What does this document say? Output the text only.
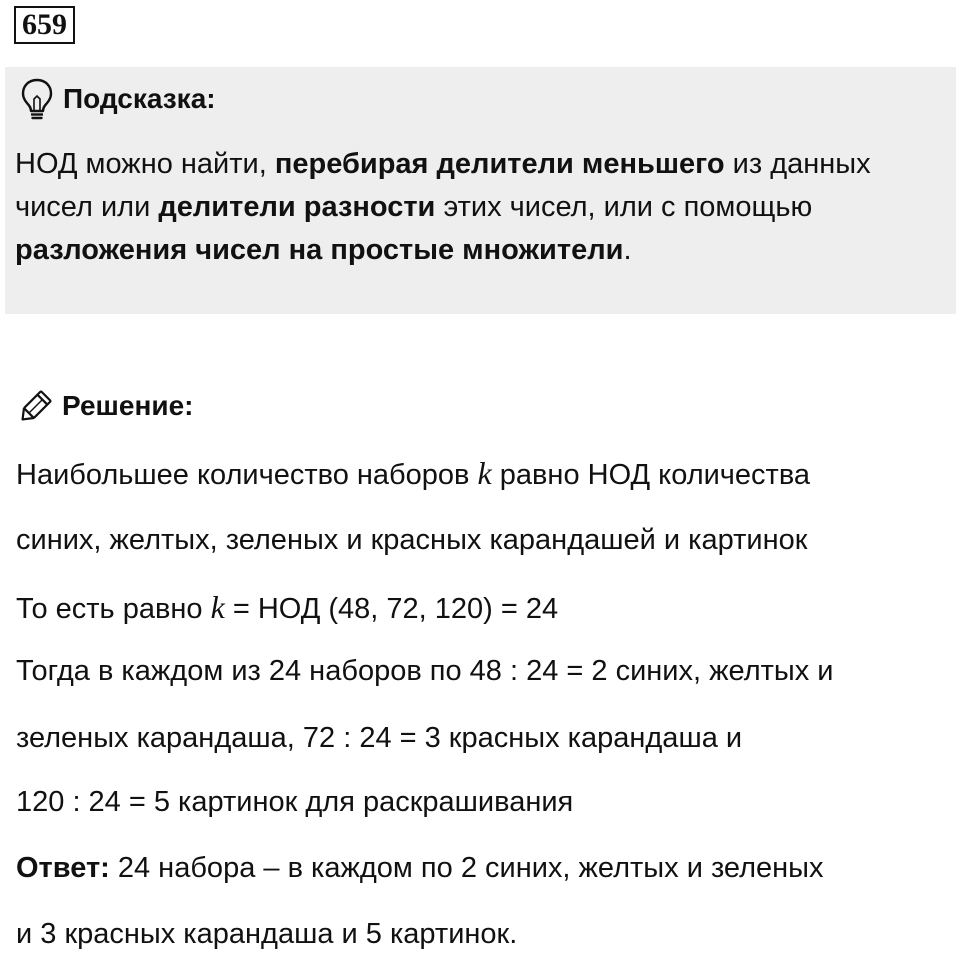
659
Подсказка:
НОД можно найти, перебирая делители меньшего из данных чисел или делители разности этих чисел, или с помощью разложения чисел на простые множители.
Решение:
Наибольшее количество наборов k равно НОД количества
синих, желтых, зеленых и красных карандашей и картинок
То есть равно k = НОД (48, 72, 120) = 24
Тогда в каждом из 24 наборов по 48 : 24 = 2 синих, желтых и
зеленых карандаша, 72 : 24 = 3 красных карандаша и
120 : 24 = 5 картинок для раскрашивания
Ответ: 24 набора – в каждом по 2 синих, желтых и зеленых
и 3 красных карандаша и 5 картинок.
